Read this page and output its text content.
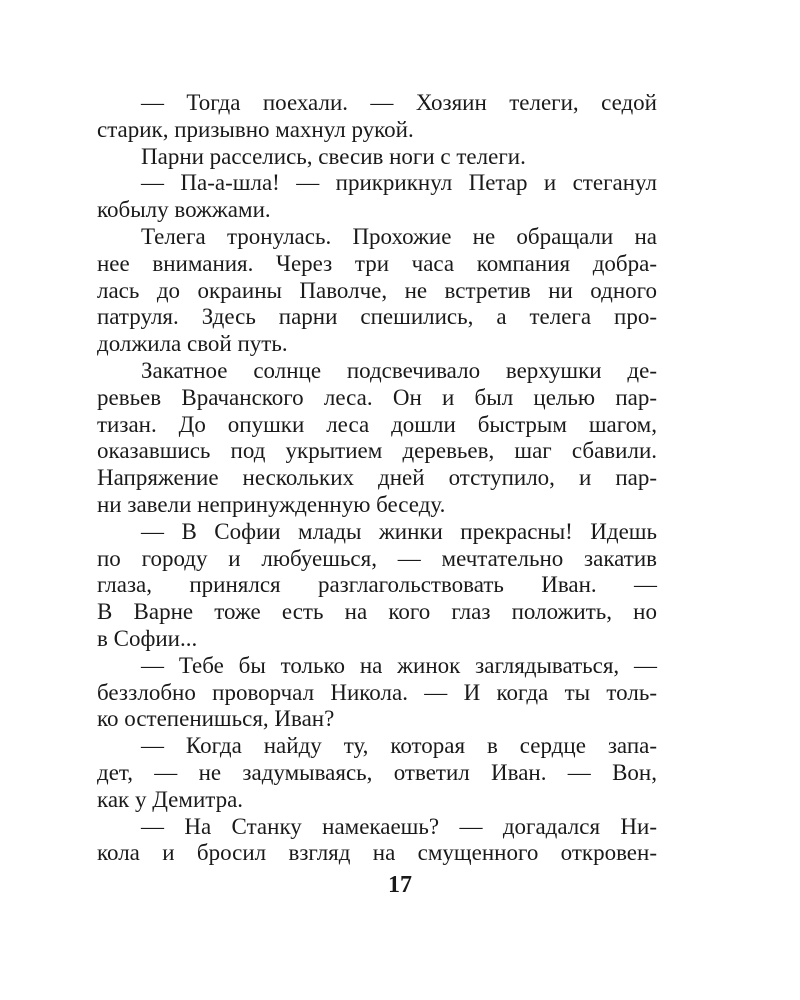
— Тогда поехали. — Хозяин телеги, седой
старик, призывно махнул рукой.
Парни расселись, свесив ноги с телеги.
— Па-а-шла! — прикрикнул Петар и стеганул
кобылу вожжами.
Телега тронулась. Прохожие не обращали на
нее внимания. Через три часа компания добра-
лась до окраины Паволче, не встретив ни одного
патруля. Здесь парни спешились, а телега про-
должила свой путь.
Закатное солнце подсвечивало верхушки де-
ревьев Врачанского леса. Он и был целью пар-
тизан. До опушки леса дошли быстрым шагом,
оказавшись под укрытием деревьев, шаг сбавили.
Напряжение нескольких дней отступило, и пар-
ни завели непринужденную беседу.
— В Софии млады жинки прекрасны! Идешь
по городу и любуешься, — мечтательно закатив
глаза, принялся разглагольствовать Иван. —
В Варне тоже есть на кого глаз положить, но
в Софии...
— Тебе бы только на жинок заглядываться, —
беззлобно проворчал Никола. — И когда ты толь-
ко остепенишься, Иван?
— Когда найду ту, которая в сердце запа-
дет, — не задумываясь, ответил Иван. — Вон,
как у Демитра.
— На Станку намекаешь? — догадался Ни-
кола и бросил взгляд на смущенного откровен-
17
